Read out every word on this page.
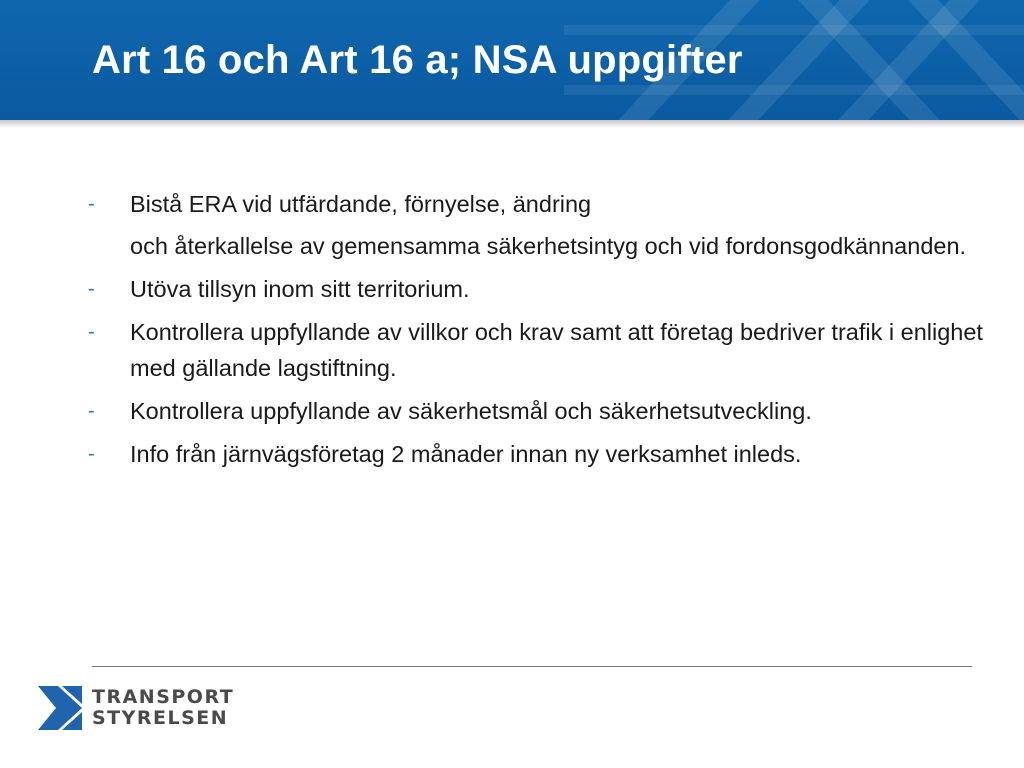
Art 16 och Art 16 a; NSA uppgifter
- Bistå ERA vid utfärdande, förnyelse, ändring
och återkallelse av gemensamma säkerhetsintyg och vid fordonsgodkännanden.
- Utöva tillsyn inom sitt territorium.
- Kontrollera uppfyllande av villkor och krav samt att företag bedriver trafik i enlighet med gällande lagstiftning.
- Kontrollera uppfyllande av säkerhetsmål och säkerhetsutveckling.
- Info från järnvägsföretag 2 månader innan ny verksamhet inleds.
TRANSPORT
STYRELSEN
